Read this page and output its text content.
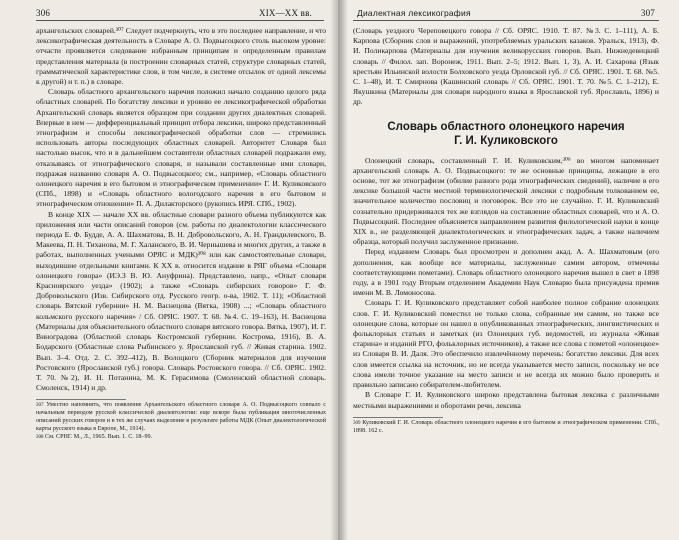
306	XIX—XX вв.

архангельских словарей.³⁰⁷ Следует подчеркнуть, что в это последнее направление, и что лексикографическая деятельность в Словаре А. О. Подвысоцкого столь высоком уровне: отчасти проявляется следование избранным принципам и определенным правилам представления материала (в построении словарных статей, структуре словарных статей, грамматической характеристике слов, в том числе, в системе отсылок от одной лексемы к другой) и т. п.) в словаре.

Словарь областного архангельского наречия положил начало созданию целого ряда областных словарей. По богатству лексики и уровню ее лексикографической обработки Архангельский словарь является образцом при создании других диалектных словарей. Впервые в нем — дифференциальный принцип отбора лексики, широко представленный этнографизм и способы лексикографической обработки слов — стремились использовать авторы последующих областных словарей. Авторитет Словаря был настолько высок, что и в дальнейшем составители областных словарей подражали ему, отказываясь от этнографического словаря, и называли составленные ими словари, подражая названию словаря А. О. Подвысоцкого; см., например, «Словарь областного олонецкого наречия в его бытовом и этнографическом применении» Г. И. Куликовского (СПб., 1898) и «Словарь областного вологодского наречия в его бытовом и этнографическом отношении» П. А. Дилакторского (рукопись ИРЯ. СПб., 1902).

В конце XIX — начале XX вв. областные словари разного объема публикуются как приложения или части описаний говоров (см. работы по диалектологии классического периода Е. Ф. Будде, А. А. Шахматова, В. Н. Добровольского, А. Н. Грандилевского, В. Макеева, П. Н. Тиханова, М. Г. Халанского, В. И. Чернышева и многих других, а также в работах, выполненных учеными ОРЯС и МДК)³⁰⁸ или как самостоятельные словари, выходившие отдельными книгами. К XX в. относится издание в РЯГ объема «Словаря олонецкого говора» (ИЭ.З В. Ю. Ануфрина). Представлено, напр., «Опыт словаря Красноярского уезда» (1902); а также «Словарь сибирских говоров» Г. Ф. Добровольского (Изв. Сибирского отд. Русского геогр. о-ва, 1902. Т. 11); «Областной словарь Вятской губернии» Н. М. Васнецова (Вятка, 1908) ...; «Словарь областного кольмского русского наречия» / Сб. ОРЯС. 1907. Т. 68. №4. С. 19–163), Н. Васнецова (Материалы для объяснительного областного словаря вятского говора. Вятка, 1907), И. Г. Виноградова (Областной словарь Костромской губернии. Кострома, 1916), В. А. Бодарского (Областные слова Рыбинского у. Ярославской губ. // Живая старина. 1902. Вып. 3–4. Отд. 2. С. 392–412), В. Волоцкого (Сборник материалов для изучения Ростовского (Ярославской губ.) говора. Словарь Ростовского говора. // Сб. ОРЯС. 1902. Т. 70. №2), И. Н. Потанина, М. К. Герасимова (Смоленский областной словарь. Смоленск, 1914) и др.

$^{307}$ Уместно напомнить, что появление Архангельского областного словаря А. О. Подвысоцкого совпало с начальным периодом русской классической диалектологии: еще вскоре была публикация многочисленных описаний русских говоров и в тех же случаях выделение в результате работы МДК (Опыт диалектологической карты русского языка в Европе, М., 1914).

$^{308}$ См. СРНГ. М., Л., 1965. Вып. 1. С. 18–99.

Диалектная лексикография	307

(Словарь уездного Череповецкого говора // Сб. ОРЯС. 1910. Т. 87. №3. С. 1–111), А. Б. Карпова (Сборник слов и выражений, употребляемых уральских казаков. Уральск, 1913), Ф. И. Поликарпова (Материалы для изучения великорусских говоров. Вып. Нижнедевицкий словарь // Филол. зап. Воронеж, 1911. Вып. 2–5; 1912. Вып. 1, 3), А. И. Сахарова (Язык крестьян Ильинской волости Болховского уезда Орловской губ. // Сб. ОРЯС. 1901. Т. 68. №5. С. 1–48), И. Т. Смирнова (Кашинский словарь // Сб. ОРЯС. 1901. Т. 70. №5. С. 1–212), Е. Якушкина (Материалы для словаря народного языка в Ярославской губ. Ярославль, 1896) и др.

Словарь областного олонецкого наречия
Г. И. Куликовского

Олонецкий словарь, составленный Г. И. Куликовским,³⁰⁹ во многом напоминает архангельский словарь А. О. Подвысоцкого: те же основные принципы, лежащие в его основе, тот же этнографизм (обилие разного рода этнографических сведений), наличие в его лексике большой части местной терминологической лексики с подробным толкованием ее, значительное количество пословиц и поговорок. Все это не случайно. Г. И. Куликовский сознательно придерживался тех же взглядов на составление областных словарей, что и А. О. Подвысоцкий. Последнее объясняется направлением развития филологической науки в конце XIX в., не разделяющей диалектологических и этнографических задач, а также наличием образца, который получил заслуженное признание.

Перед изданием Словарь был просмотрен и дополнен акад. А. А. Шахматовым (его дополнения, как вообще все материалы, заслуженные самим автором, отмечены соответствующими пометами). Словарь областного олонецкого наречия вышел в свет в 1898 году, а в 1901 году Вторым отделением Академии Наук Словарю была присуждена премия имени М. В. Ломоносова.

Словарь Г. И. Куликовского представляет собой наиболее полное собрание олонецких слов. Г. И. Куликовский поместил не только слова, собранные им самим, но также все олонецкие слова, которые он нашел в опубликованных этнографических, лингвистических и фольклорных статьях и заметках (из Олонецких губ. ведомостей, из журнала «Живая старина» и изданий РГО, фольклорных источников), а также все слова с пометой «олонецкое» из Словаря В. И. Даля. Это обеспечило извлечённому перечень: богатство лексики. Для всех слов имеется ссылка на источник, но не всегда указывается место записи, поскольку не все слова имели точное указание на место записи и не всегда их можно было проверить и правильно записано собирателем-любителем.

В Словаре Г. И. Куликовского широко представлена бытовая лексика с различными местными выражениями и оборотами речи, лексика

$^{309}$ Куликовский Г. И. Словарь областного олонецкого наречия в его бытовом и этнографическом применении. СПб., 1898. 162 с.
